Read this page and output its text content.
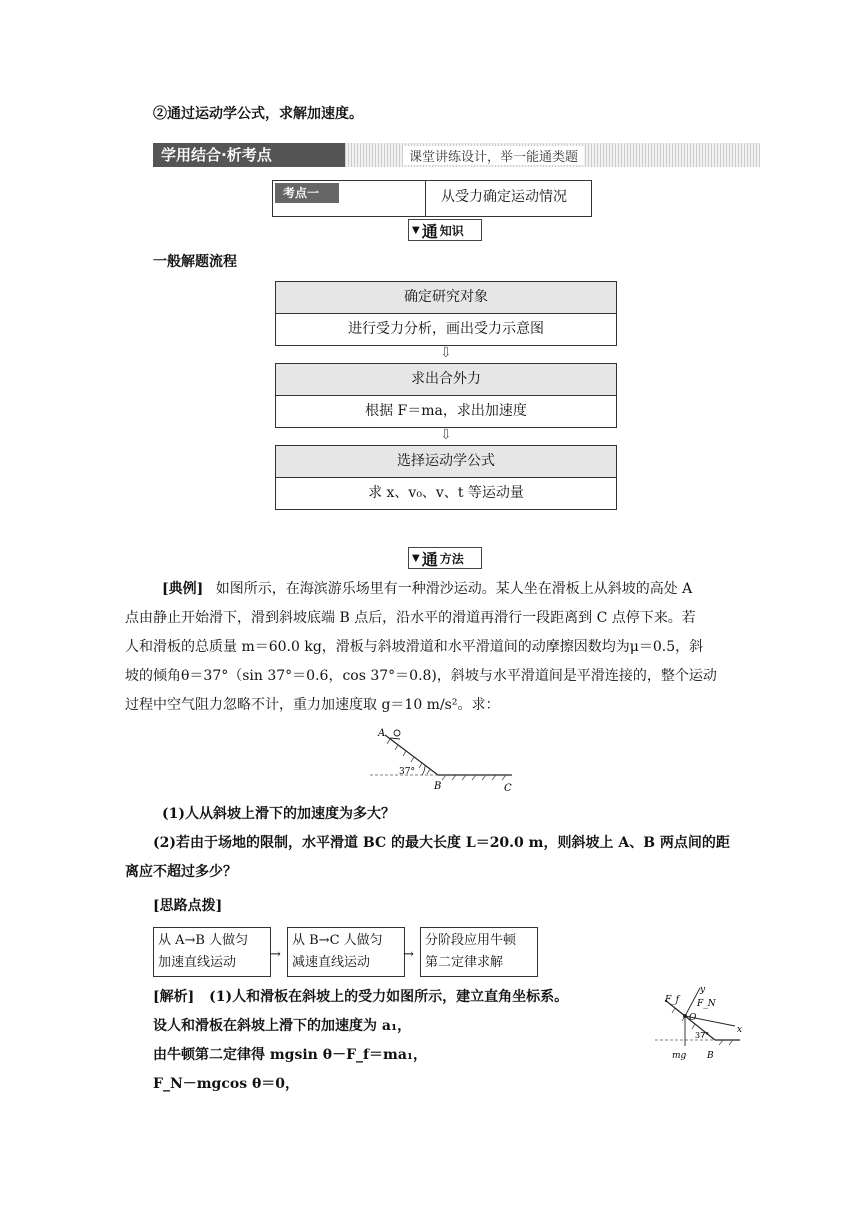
②通过运动学公式，求解加速度。
学用结合·析考点	课堂讲练设计，举一能通类题
考点一	从受力确定运动情况
▼ 通 知识
一般解题流程
确定研究对象
进行受力分析，画出受力示意图
⇩
求出合外力
根据 F＝ma，求出加速度
⇩
选择运动学公式
求 x、v₀、v、t 等运动量
▼ 通 方法
[典例] 如图所示，在海滨游乐场里有一种滑沙运动。某人坐在滑板上从斜坡的高处 A
点由静止开始滑下，滑到斜坡底端 B 点后，沿水平的滑道再滑行一段距离到 C 点停下来。若
人和滑板的总质量 m＝60.0 kg，滑板与斜坡滑道和水平滑道间的动摩擦因数均为μ＝0.5，斜
坡的倾角θ＝37°（sin 37°＝0.6，cos 37°＝0.8)，斜坡与水平滑道间是平滑连接的，整个运动
过程中空气阻力忽略不计，重力加速度取 g＝10 m/s²。求：
A
B	C
37°
(1)人从斜坡上滑下的加速度为多大？
(2)若由于场地的限制，水平滑道 BC 的最大长度 L＝20.0 m，则斜坡上 A、B 两点间的距
离应不超过多少？
[思路点拨]
从 A→B 人做匀
加速直线运动
→
从 B→C 人做匀
减速直线运动
→
分阶段应用牛顿
第二定律求解
[解析] (1)人和滑板在斜坡上的受力如图所示，建立直角坐标系。
设人和滑板在斜坡上滑下的加速度为 a₁，
由牛顿第二定律得 mgsin θ－F_f＝ma₁，
F_N－mgcos θ＝0，
y
x
F_f F_N
O
mg B
37°
